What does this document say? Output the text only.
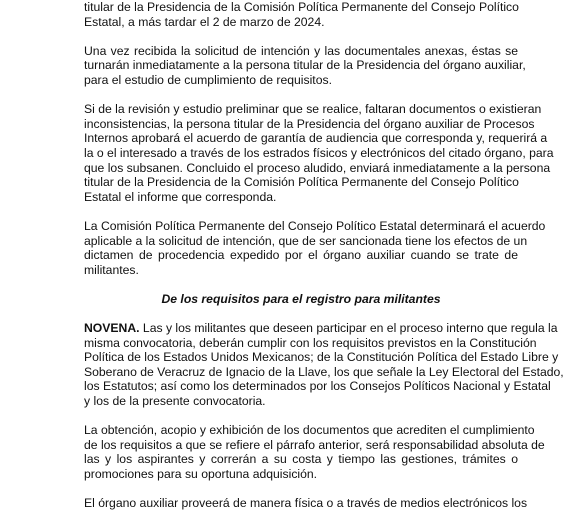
titular de la Presidencia de la Comisión Política Permanente del Consejo Político
Estatal, a más tardar el 2 de marzo de 2024.
Una vez recibida la solicitud de intención y las documentales anexas, éstas se
turnarán inmediatamente a la persona titular de la Presidencia del órgano auxiliar,
para el estudio de cumplimiento de requisitos.
Si de la revisión y estudio preliminar que se realice, faltaran documentos o existieran
inconsistencias, la persona titular de la Presidencia del órgano auxiliar de Procesos
Internos aprobará el acuerdo de garantía de audiencia que corresponda y, requerirá a
la o el interesado a través de los estrados físicos y electrónicos del citado órgano, para
que los subsanen. Concluido el proceso aludido, enviará inmediatamente a la persona
titular de la Presidencia de la Comisión Política Permanente del Consejo Político
Estatal el informe que corresponda.
La Comisión Política Permanente del Consejo Político Estatal determinará el acuerdo
aplicable a la solicitud de intención, que de ser sancionada tiene los efectos de un
dictamen de procedencia expedido por el órgano auxiliar cuando se trate de
militantes.
De los requisitos para el registro para militantes
NOVENA. Las y los militantes que deseen participar en el proceso interno que regula la
misma convocatoria, deberán cumplir con los requisitos previstos en la Constitución
Política de los Estados Unidos Mexicanos; de la Constitución Política del Estado Libre y
Soberano de Veracruz de Ignacio de la Llave, los que señale la Ley Electoral del Estado,
los Estatutos; así como los determinados por los Consejos Políticos Nacional y Estatal
y los de la presente convocatoria.
La obtención, acopio y exhibición de los documentos que acrediten el cumplimiento
de los requisitos a que se refiere el párrafo anterior, será responsabilidad absoluta de
las y los aspirantes y correrán a su costa y tiempo las gestiones, trámites o
promociones para su oportuna adquisición.
El órgano auxiliar proveerá de manera física o a través de medios electrónicos los
